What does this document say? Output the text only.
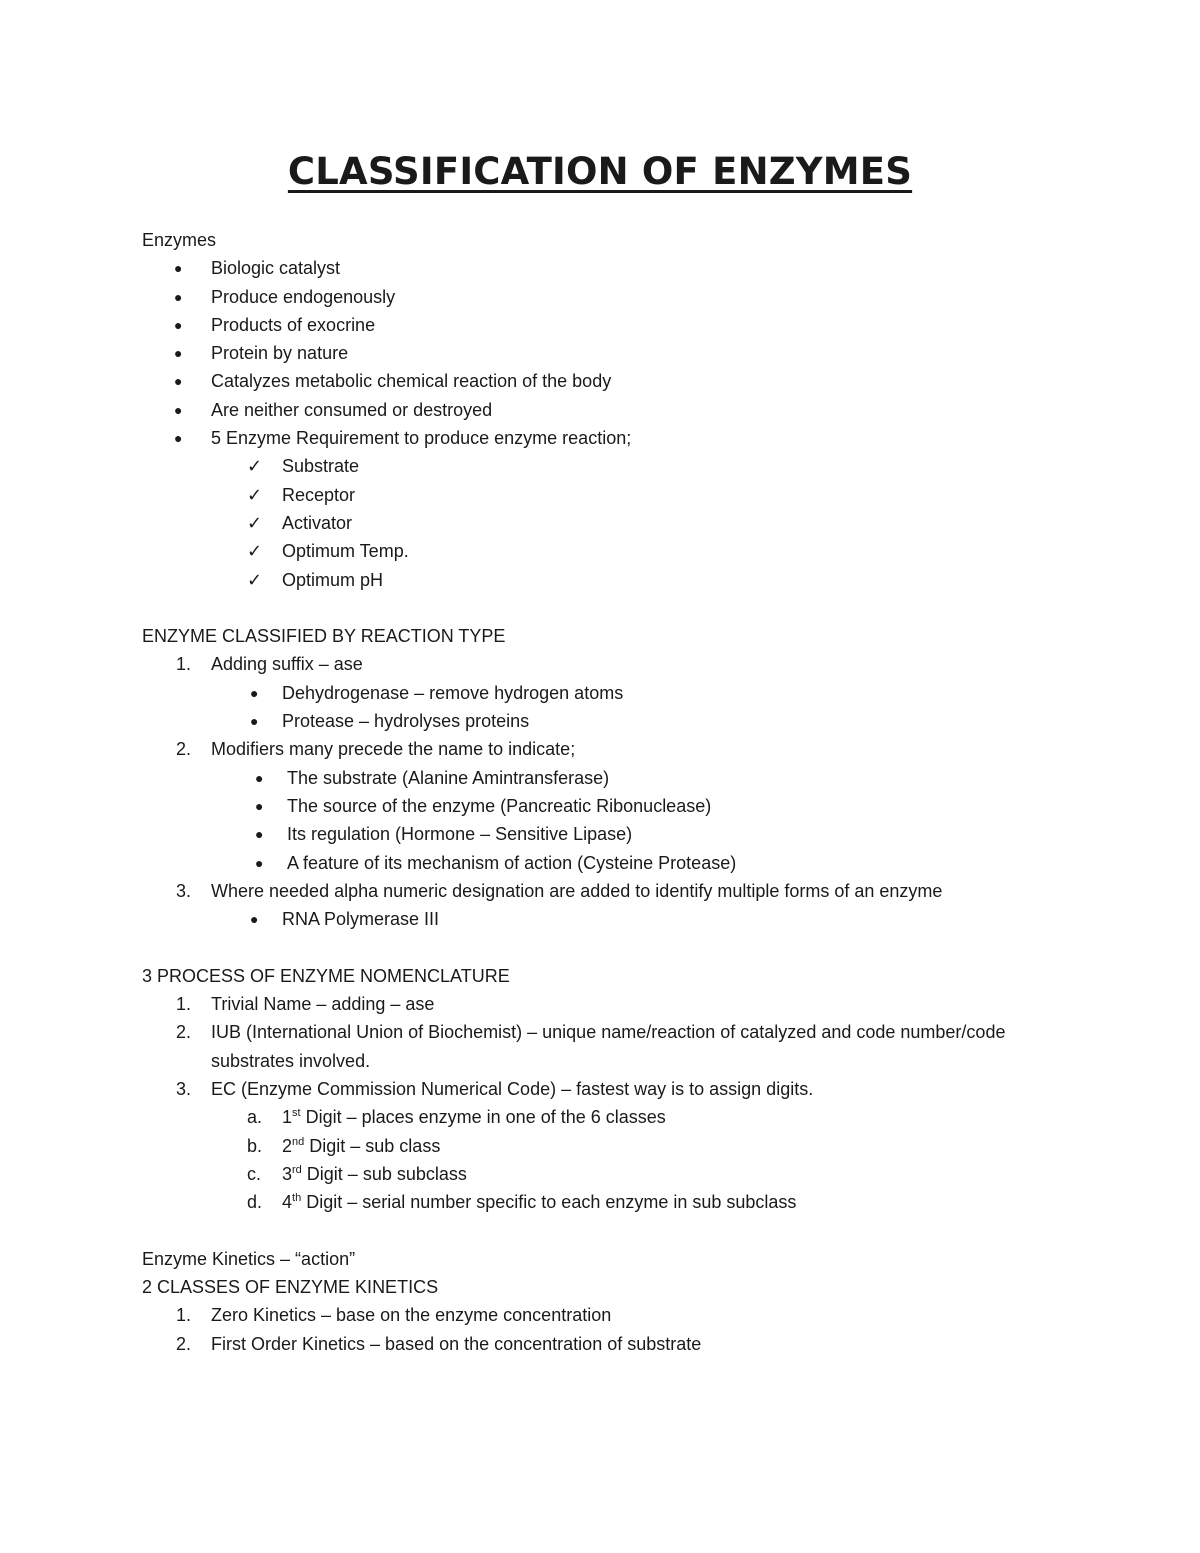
CLASSIFICATION OF ENZYMES
Enzymes
● Biologic catalyst
● Produce endogenously
● Products of exocrine
● Protein by nature
● Catalyzes metabolic chemical reaction of the body
● Are neither consumed or destroyed
● 5 Enzyme Requirement to produce enzyme reaction;
✓ Substrate
✓ Receptor
✓ Activator
✓ Optimum Temp.
✓ Optimum pH
ENZYME CLASSIFIED BY REACTION TYPE
1. Adding suffix – ase
● Dehydrogenase – remove hydrogen atoms
● Protease – hydrolyses proteins
2. Modifiers many precede the name to indicate;
● The substrate (Alanine Amintransferase)
● The source of the enzyme (Pancreatic Ribonuclease)
● Its regulation (Hormone – Sensitive Lipase)
● A feature of its mechanism of action (Cysteine Protease)
3. Where needed alpha numeric designation are added to identify multiple forms of an enzyme
● RNA Polymerase III
3 PROCESS OF ENZYME NOMENCLATURE
1. Trivial Name – adding – ase
2. IUB (International Union of Biochemist) – unique name/reaction of catalyzed and code number/code substrates involved.
3. EC (Enzyme Commission Numerical Code) – fastest way is to assign digits.
a. 1st Digit – places enzyme in one of the 6 classes
b. 2nd Digit – sub class
c. 3rd Digit – sub subclass
d. 4th Digit – serial number specific to each enzyme in sub subclass
Enzyme Kinetics – “action”
2 CLASSES OF ENZYME KINETICS
1. Zero Kinetics – base on the enzyme concentration
2. First Order Kinetics – based on the concentration of substrate
